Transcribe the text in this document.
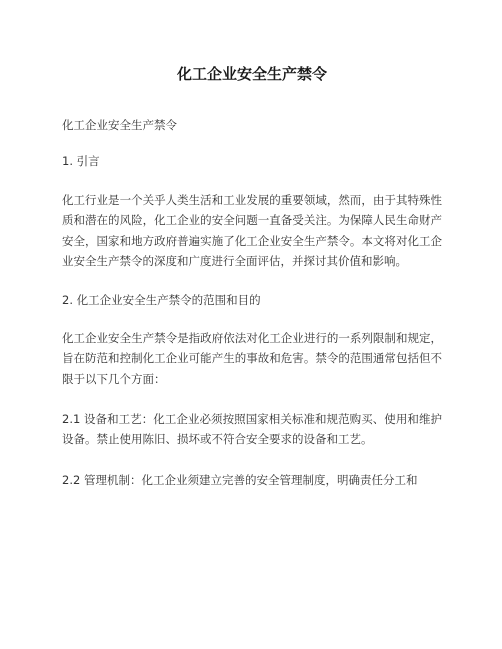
化工企业安全生产禁令

化工企业安全生产禁令

1. 引言

化工行业是一个关乎人类生活和工业发展的重要领域，然而，由于其特殊性质和潜在的风险，化工企业的安全问题一直备受关注。为保障人民生命财产安全，国家和地方政府普遍实施了化工企业安全生产禁令。本文将对化工企业安全生产禁令的深度和广度进行全面评估，并探讨其价值和影响。

2. 化工企业安全生产禁令的范围和目的

化工企业安全生产禁令是指政府依法对化工企业进行的一系列限制和规定，旨在防范和控制化工企业可能产生的事故和危害。禁令的范围通常包括但不限于以下几个方面：

2.1 设备和工艺：化工企业必须按照国家相关标准和规范购买、使用和维护设备。禁止使用陈旧、损坏或不符合安全要求的设备和工艺。

2.2 管理机制：化工企业须建立完善的安全管理制度，明确责任分工和
